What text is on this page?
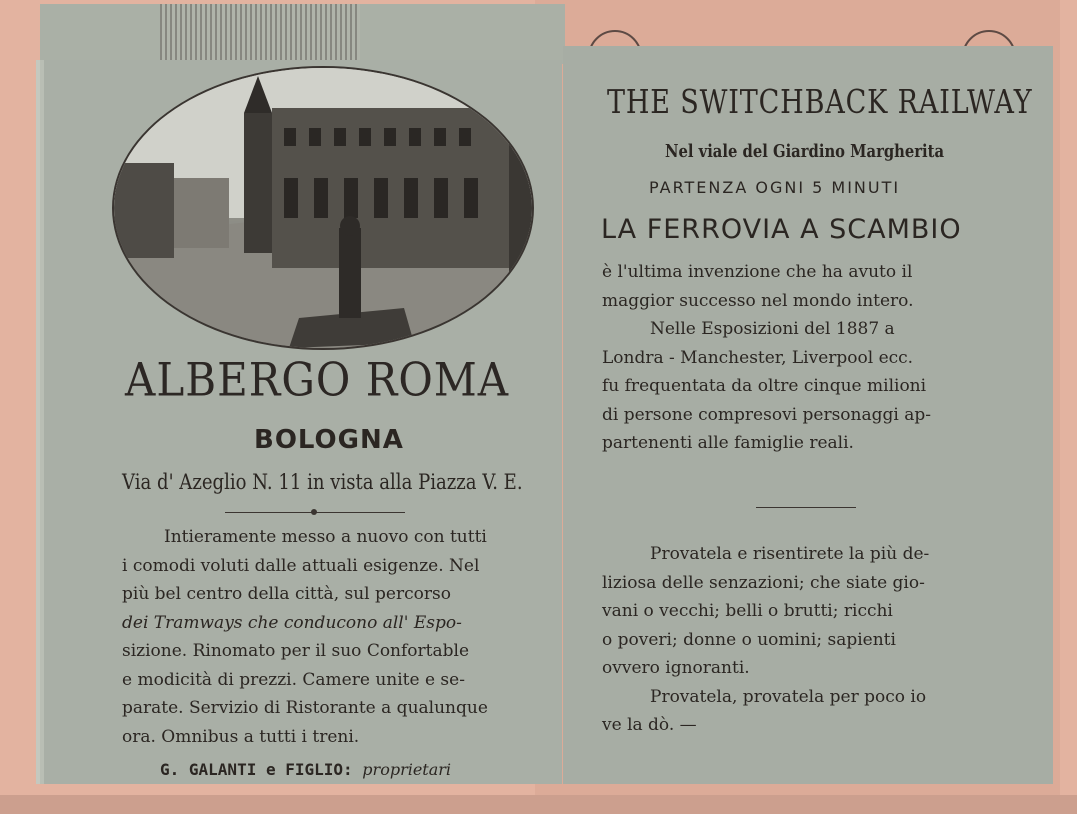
ALBERGO ROMA
BOLOGNA
Via d' Azeglio N. 11 in vista alla Piazza V. E.
Intieramente messo a nuovo con tutti
i comodi voluti dalle attuali esigenze. Nel
più bel centro della città, sul percorso
dei Tramways che conducono all' Espo-
sizione. Rinomato per il suo Confortable
e modicità di prezzi. Camere unite e se-
parate. Servizio di Ristorante a qualunque
ora. Omnibus a tutti i treni.
G. GALANTI e FIGLIO: proprietari
THE SWITCHBACK RAILWAY
Nel viale del Giardino Margherita
PARTENZA OGNI 5 MINUTI
LA FERROVIA A SCAMBIO
è l'ultima invenzione che ha avuto il
maggior successo nel mondo intero.
Nelle Esposizioni del 1887 a
Londra - Manchester, Liverpool ecc.
fu frequentata da oltre cinque milioni
di persone compresovi personaggi ap-
partenenti alle famiglie reali.
Provatela e risentirete la più de-
liziosa delle senzazioni; che siate gio-
vani o vecchi; belli o brutti; ricchi
o poveri; donne o uomini; sapienti
ovvero ignoranti.
Provatela, provatela per poco io
ve la dò. —
